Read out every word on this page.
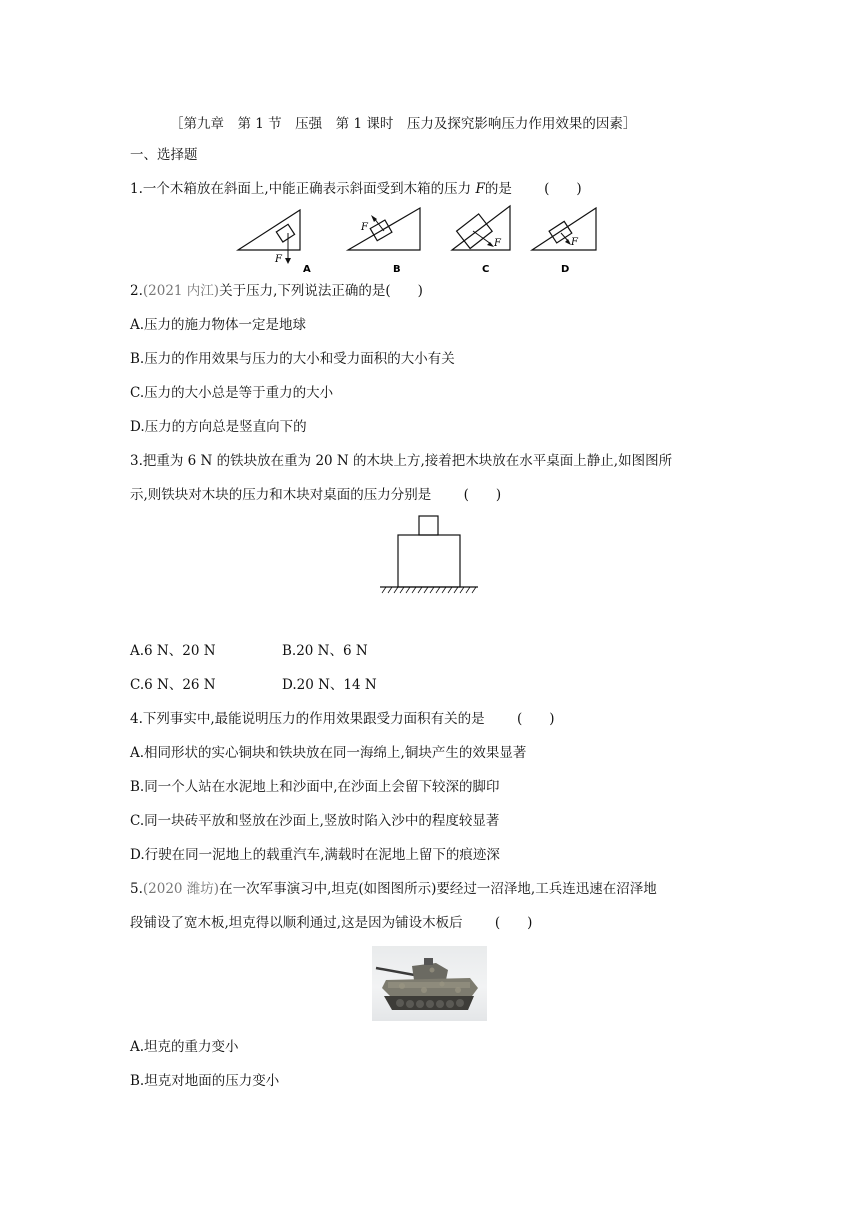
［第九章　第 1 节　压强　第 1 课时　压力及探究影响压力作用效果的因素］
一、选择题
1.一个木箱放在斜面上,中能正确表示斜面受到木箱的压力 F的是 (　　)
F
A
F
B
F
C
F
D
2.(2021 内江)关于压力,下列说法正确的是(　　)
A.压力的施力物体一定是地球
B.压力的作用效果与压力的大小和受力面积的大小有关
C.压力的大小总是等于重力的大小
D.压力的方向总是竖直向下的
3.把重为 6 N 的铁块放在重为 20 N 的木块上方,接着把木块放在水平桌面上静止,如图图所
示,则铁块对木块的压力和木块对桌面的压力分别是 (　　)
A.6 N、20 N	B.20 N、6 N
C.6 N、26 N	D.20 N、14 N
4.下列事实中,最能说明压力的作用效果跟受力面积有关的是 (　　)
A.相同形状的实心铜块和铁块放在同一海绵上,铜块产生的效果显著
B.同一个人站在水泥地上和沙面中,在沙面上会留下较深的脚印
C.同一块砖平放和竖放在沙面上,竖放时陷入沙中的程度较显著
D.行驶在同一泥地上的载重汽车,满载时在泥地上留下的痕迹深
5.(2020 潍坊)在一次军事演习中,坦克(如图图所示)要经过一沼泽地,工兵连迅速在沼泽地
段铺设了宽木板,坦克得以顺利通过,这是因为铺设木板后 (　　)
A.坦克的重力变小
B.坦克对地面的压力变小
